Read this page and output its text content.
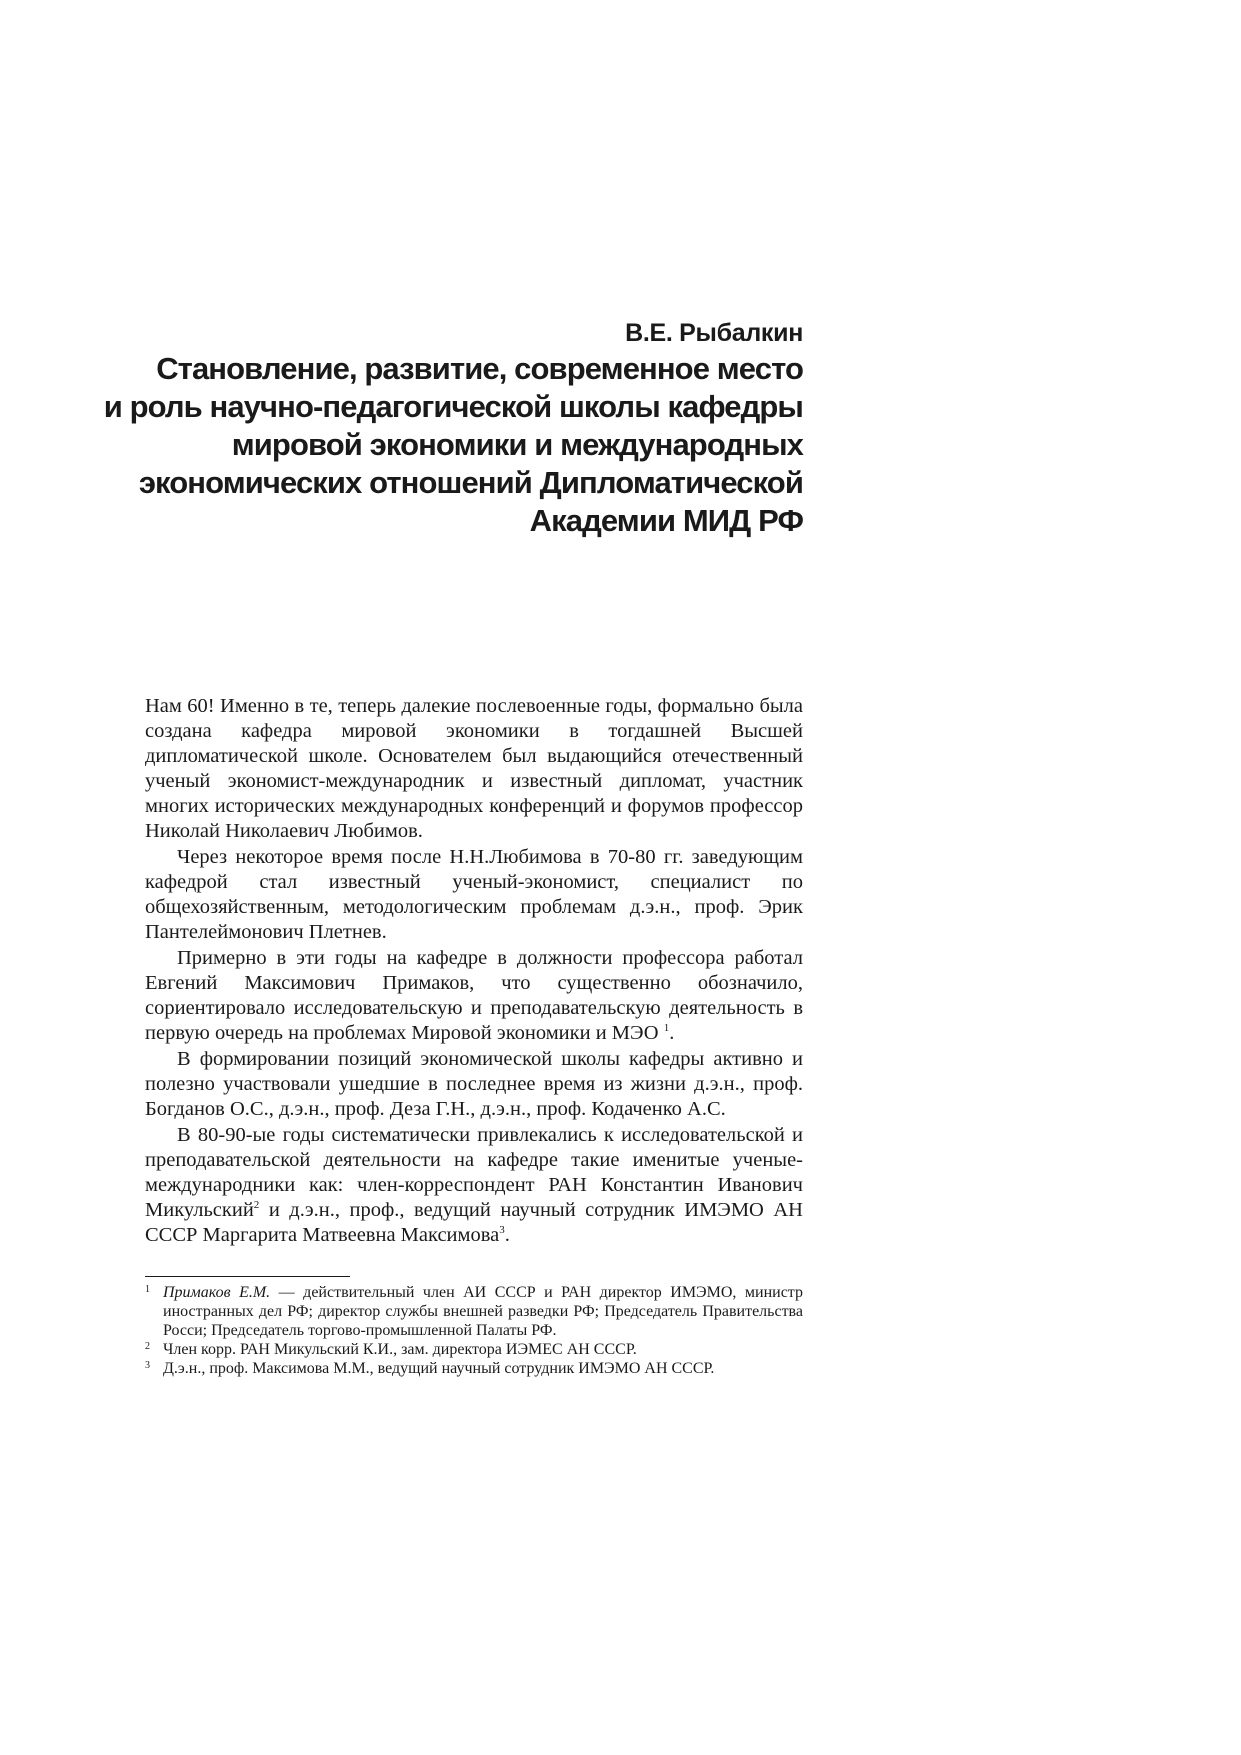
В.Е. Рыбалкин
Становление, развитие, современное место
и роль научно-педагогической школы кафедры
мировой экономики и международных
экономических отношений Дипломатической
Академии МИД РФ

Нам 60! Именно в те, теперь далекие послевоенные годы, формально была создана кафедра мировой экономики в тогдашней Высшей дипломатической школе. Основателем был выдающийся отечественный ученый экономист-международник и известный дипломат, участник многих исторических международных конференций и форумов профессор Николай Николаевич Любимов.

Через некоторое время после Н.Н.Любимова в 70-80 гг. заведующим кафедрой стал известный ученый-экономист, специалист по общехозяйственным, методологическим проблемам д.э.н., проф. Эрик Пантелеймонович Плетнев.

Примерно в эти годы на кафедре в должности профессора работал Евгений Максимович Примаков, что существенно обозначило, сориентировало исследовательскую и преподавательскую деятельность в первую очередь на проблемах Мировой экономики и МЭО $^1$.

В формировании позиций экономической школы кафедры активно и полезно участвовали ушедшие в последнее время из жизни д.э.н., проф. Богданов О.С., д.э.н., проф. Деза Г.Н., д.э.н., проф. Кодаченко А.С.

В 80-90-ые годы систематически привлекались к исследовательской и преподавательской деятельности на кафедре такие именитые ученые-международники как: член-корреспондент РАН Константин Иванович Микульский$^2$ и д.э.н., проф., ведущий научный сотрудник ИМЭМО АН СССР Маргарита Матвеевна Максимова$^3$.

1 Примаков Е.М. — действительный член АИ СССР и РАН директор ИМЭМО, министр иностранных дел РФ; директор службы внешней разведки РФ; Председатель Правительства Росси; Председатель торгово-промышленной Палаты РФ.
2 Член корр. РАН Микульский К.И., зам. директора ИЭМЕС АН СССР.
3 Д.э.н., проф. Максимова М.М., ведущий научный сотрудник ИМЭМО АН СССР.
